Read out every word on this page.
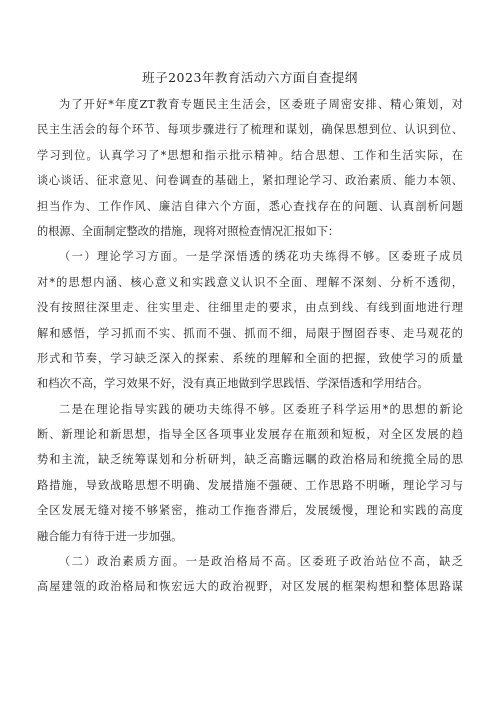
班子2023年教育活动六方面自查提纲
为了开好*年度ZT教育专题民主生活会，区委班子周密安排、精心策划，对
民主生活会的每个环节、每项步骤进行了梳理和谋划，确保思想到位、认识到位、
学习到位。认真学习了*思想和指示批示精神。结合思想、工作和生活实际，在
谈心谈话、征求意见、问卷调查的基础上，紧扣理论学习、政治素质、能力本领、
担当作为、工作作风、廉洁自律六个方面，悉心查找存在的问题、认真剖析问题
的根源、全面制定整改的措施，现将对照检查情况汇报如下：
（一）理论学习方面。一是学深悟透的绣花功夫练得不够。区委班子成员
对*的思想内涵、核心意义和实践意义认识不全面、理解不深刻、分析不透彻，
没有按照往深里走、往实里走、往细里走的要求，由点到线、有线到面地进行理
解和感悟，学习抓而不实、抓而不强、抓而不细，局限于囫囵吞枣、走马观花的
形式和节奏，学习缺乏深入的探索、系统的理解和全面的把握，致使学习的质量
和档次不高，学习效果不好，没有真正地做到学思践悟、学深悟透和学用结合。
二是在理论指导实践的硬功夫练得不够。区委班子科学运用*的思想的新论
断、新理论和新思想，指导全区各项事业发展存在瓶颈和短板，对全区发展的趋
势和主流，缺乏统筹谋划和分析研判，缺乏高瞻远瞩的政治格局和统揽全局的思
路措施，导致战略思想不明确、发展措施不强硬、工作思路不明晰，理论学习与
全区发展无缝对接不够紧密，推动工作拖沓滞后，发展缓慢，理论和实践的高度
融合能力有待于进一步加强。
（二）政治素质方面。一是政治格局不高。区委班子政治站位不高，缺乏
高屋建瓴的政治格局和恢宏远大的政治视野，对区发展的框架构想和整体思路谋
